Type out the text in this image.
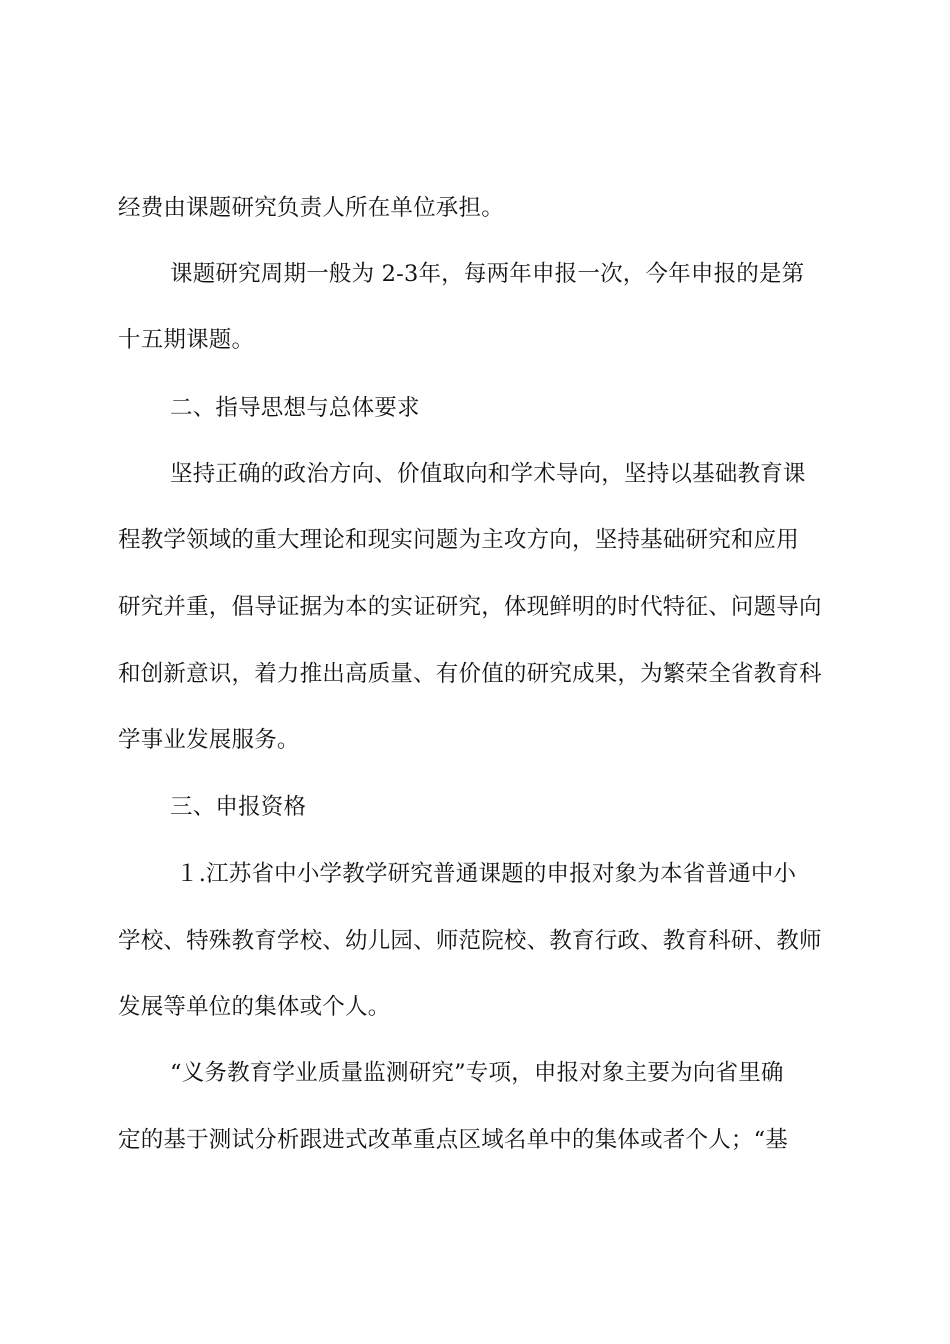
经费由课题研究负责人所在单位承担。
课题研究周期一般为 2-3年，每两年申报一次，今年申报的是第
十五期课题。
二、指导思想与总体要求
坚持正确的政治方向、价值取向和学术导向，坚持以基础教育课
程教学领域的重大理论和现实问题为主攻方向，坚持基础研究和应用
研究并重，倡导证据为本的实证研究，体现鲜明的时代特征、问题导向
和创新意识，着力推出高质量、有价值的研究成果，为繁荣全省教育科
学事业发展服务。
三、申报资格
１.江苏省中小学教学研究普通课题的申报对象为本省普通中小
学校、特殊教育学校、幼儿园、师范院校、教育行政、教育科研、教师
发展等单位的集体或个人。
“义务教育学业质量监测研究”专项，申报对象主要为向省里确
定的基于测试分析跟进式改革重点区域名单中的集体或者个人；“基
